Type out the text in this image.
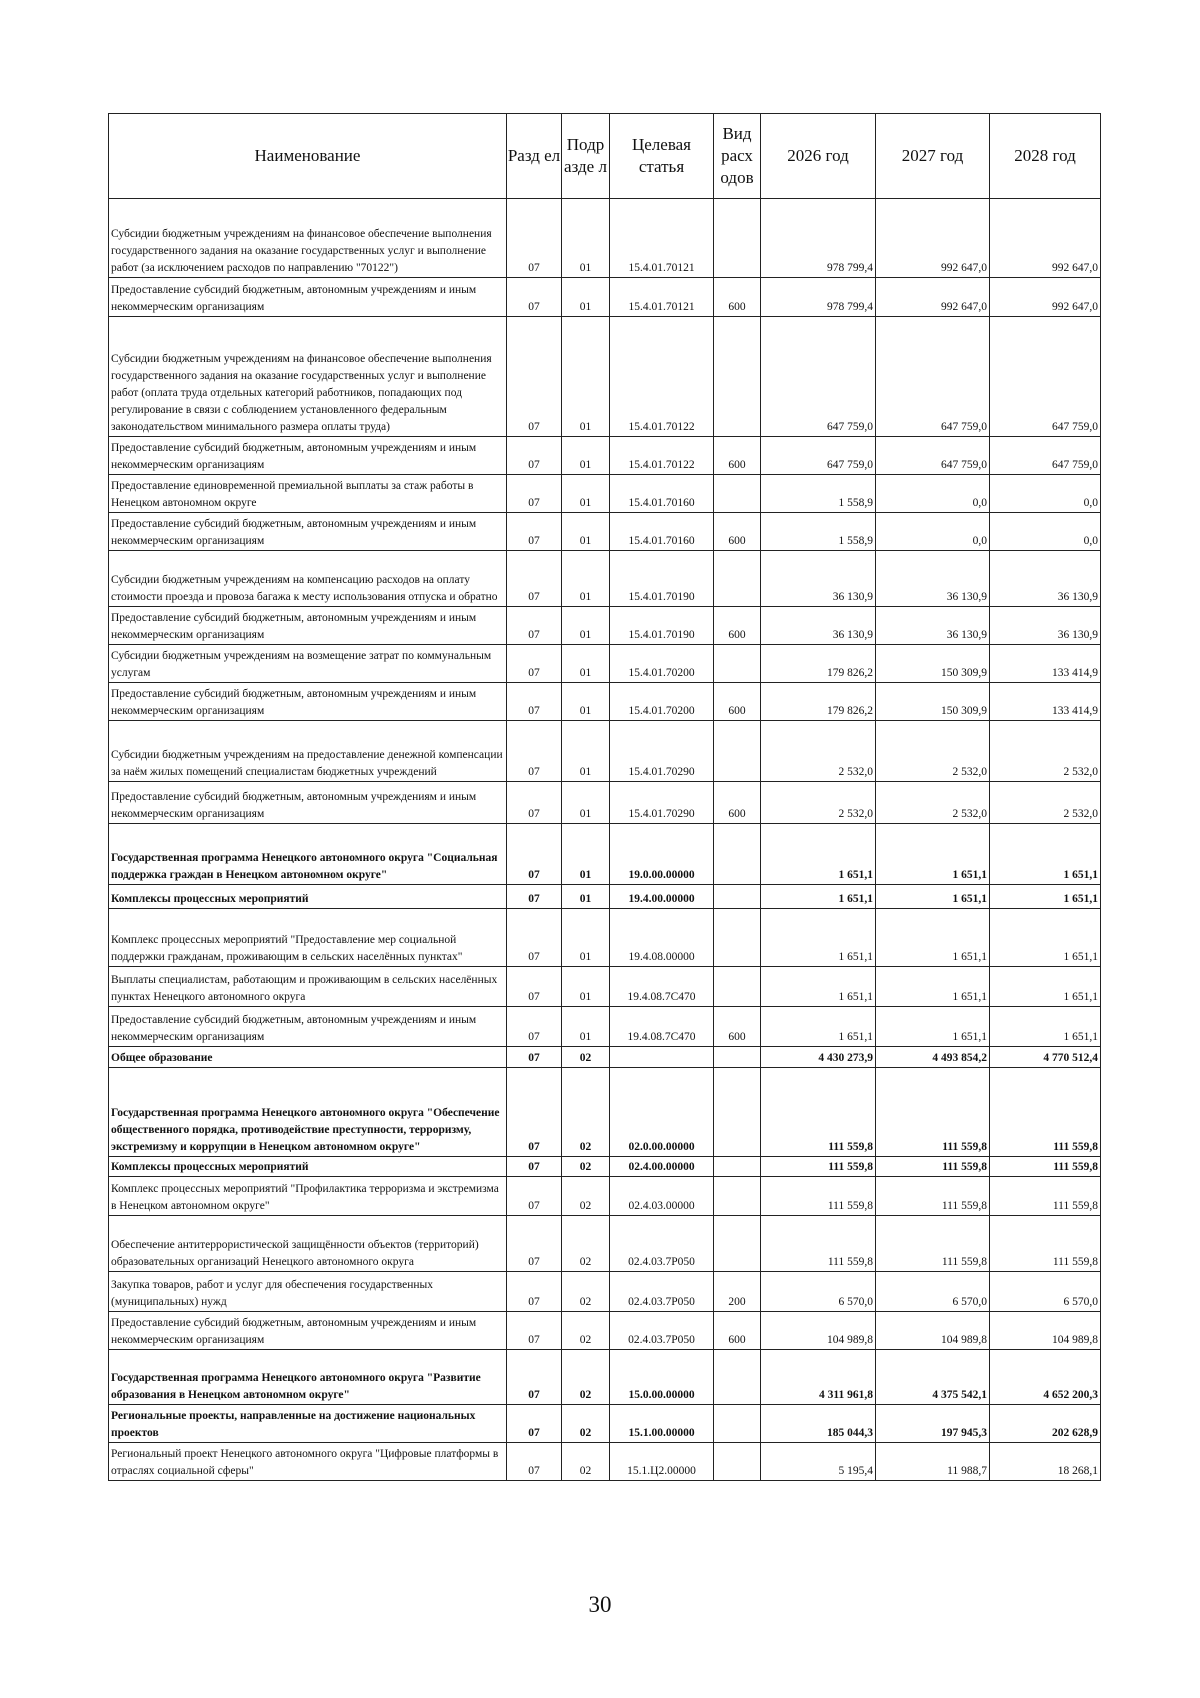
Наименование	Разд ел	Подр азде л	Целевая статья	Вид расх одов	2026 год	2027 год	2028 год
Субсидии бюджетным учреждениям на финансовое обеспечение выполнения государственного задания на оказание государственных услуг и выполнение работ (за исключением расходов по направлению "70122")	07	01	15.4.01.70121		978 799,4	992 647,0	992 647,0
Предоставление субсидий бюджетным, автономным учреждениям и иным некоммерческим организациям	07	01	15.4.01.70121	600	978 799,4	992 647,0	992 647,0
Субсидии бюджетным учреждениям на финансовое обеспечение выполнения государственного задания на оказание государственных услуг и выполнение работ (оплата труда отдельных категорий работников, попадающих под регулирование в связи с соблюдением установленного федеральным законодательством минимального размера оплаты труда)	07	01	15.4.01.70122		647 759,0	647 759,0	647 759,0
Предоставление субсидий бюджетным, автономным учреждениям и иным некоммерческим организациям	07	01	15.4.01.70122	600	647 759,0	647 759,0	647 759,0
Предоставление единовременной премиальной выплаты за стаж работы в Ненецком автономном округе	07	01	15.4.01.70160		1 558,9	0,0	0,0
Предоставление субсидий бюджетным, автономным учреждениям и иным некоммерческим организациям	07	01	15.4.01.70160	600	1 558,9	0,0	0,0
Субсидии бюджетным учреждениям на компенсацию расходов на оплату стоимости проезда и провоза багажа к месту использования отпуска и обратно	07	01	15.4.01.70190		36 130,9	36 130,9	36 130,9
Предоставление субсидий бюджетным, автономным учреждениям и иным некоммерческим организациям	07	01	15.4.01.70190	600	36 130,9	36 130,9	36 130,9
Субсидии бюджетным учреждениям на возмещение затрат по коммунальным услугам	07	01	15.4.01.70200		179 826,2	150 309,9	133 414,9
Предоставление субсидий бюджетным, автономным учреждениям и иным некоммерческим организациям	07	01	15.4.01.70200	600	179 826,2	150 309,9	133 414,9
Субсидии бюджетным учреждениям на предоставление денежной компенсации за наём жилых помещений специалистам бюджетных учреждений	07	01	15.4.01.70290		2 532,0	2 532,0	2 532,0
Предоставление субсидий бюджетным, автономным учреждениям и иным некоммерческим организациям	07	01	15.4.01.70290	600	2 532,0	2 532,0	2 532,0
Государственная программа Ненецкого автономного округа "Социальная поддержка граждан в Ненецком автономном округе"	07	01	19.0.00.00000		1 651,1	1 651,1	1 651,1
Комплексы процессных мероприятий	07	01	19.4.00.00000		1 651,1	1 651,1	1 651,1
Комплекс процессных мероприятий "Предоставление мер социальной поддержки гражданам, проживающим в сельских населённых пунктах"	07	01	19.4.08.00000		1 651,1	1 651,1	1 651,1
Выплаты специалистам, работающим и проживающим в сельских населённых пунктах Ненецкого автономного округа	07	01	19.4.08.7С470		1 651,1	1 651,1	1 651,1
Предоставление субсидий бюджетным, автономным учреждениям и иным некоммерческим организациям	07	01	19.4.08.7С470	600	1 651,1	1 651,1	1 651,1
Общее образование	07	02			4 430 273,9	4 493 854,2	4 770 512,4
Государственная программа Ненецкого автономного округа "Обеспечение общественного порядка, противодействие преступности, терроризму, экстремизму и коррупции в Ненецком автономном округе"	07	02	02.0.00.00000		111 559,8	111 559,8	111 559,8
Комплексы процессных мероприятий	07	02	02.4.00.00000		111 559,8	111 559,8	111 559,8
Комплекс процессных мероприятий "Профилактика терроризма и экстремизма в Ненецком автономном округе"	07	02	02.4.03.00000		111 559,8	111 559,8	111 559,8
Обеспечение антитеррористической защищённости объектов (территорий) образовательных организаций Ненецкого автономного округа	07	02	02.4.03.7Р050		111 559,8	111 559,8	111 559,8
Закупка товаров, работ и услуг для обеспечения государственных (муниципальных) нужд	07	02	02.4.03.7Р050	200	6 570,0	6 570,0	6 570,0
Предоставление субсидий бюджетным, автономным учреждениям и иным некоммерческим организациям	07	02	02.4.03.7Р050	600	104 989,8	104 989,8	104 989,8
Государственная программа Ненецкого автономного округа "Развитие образования в Ненецком автономном округе"	07	02	15.0.00.00000		4 311 961,8	4 375 542,1	4 652 200,3
Региональные проекты, направленные на достижение национальных проектов	07	02	15.1.00.00000		185 044,3	197 945,3	202 628,9
Региональный проект Ненецкого автономного округа "Цифровые платформы в отраслях социальной сферы"	07	02	15.1.Ц2.00000		5 195,4	11 988,7	18 268,1
30
